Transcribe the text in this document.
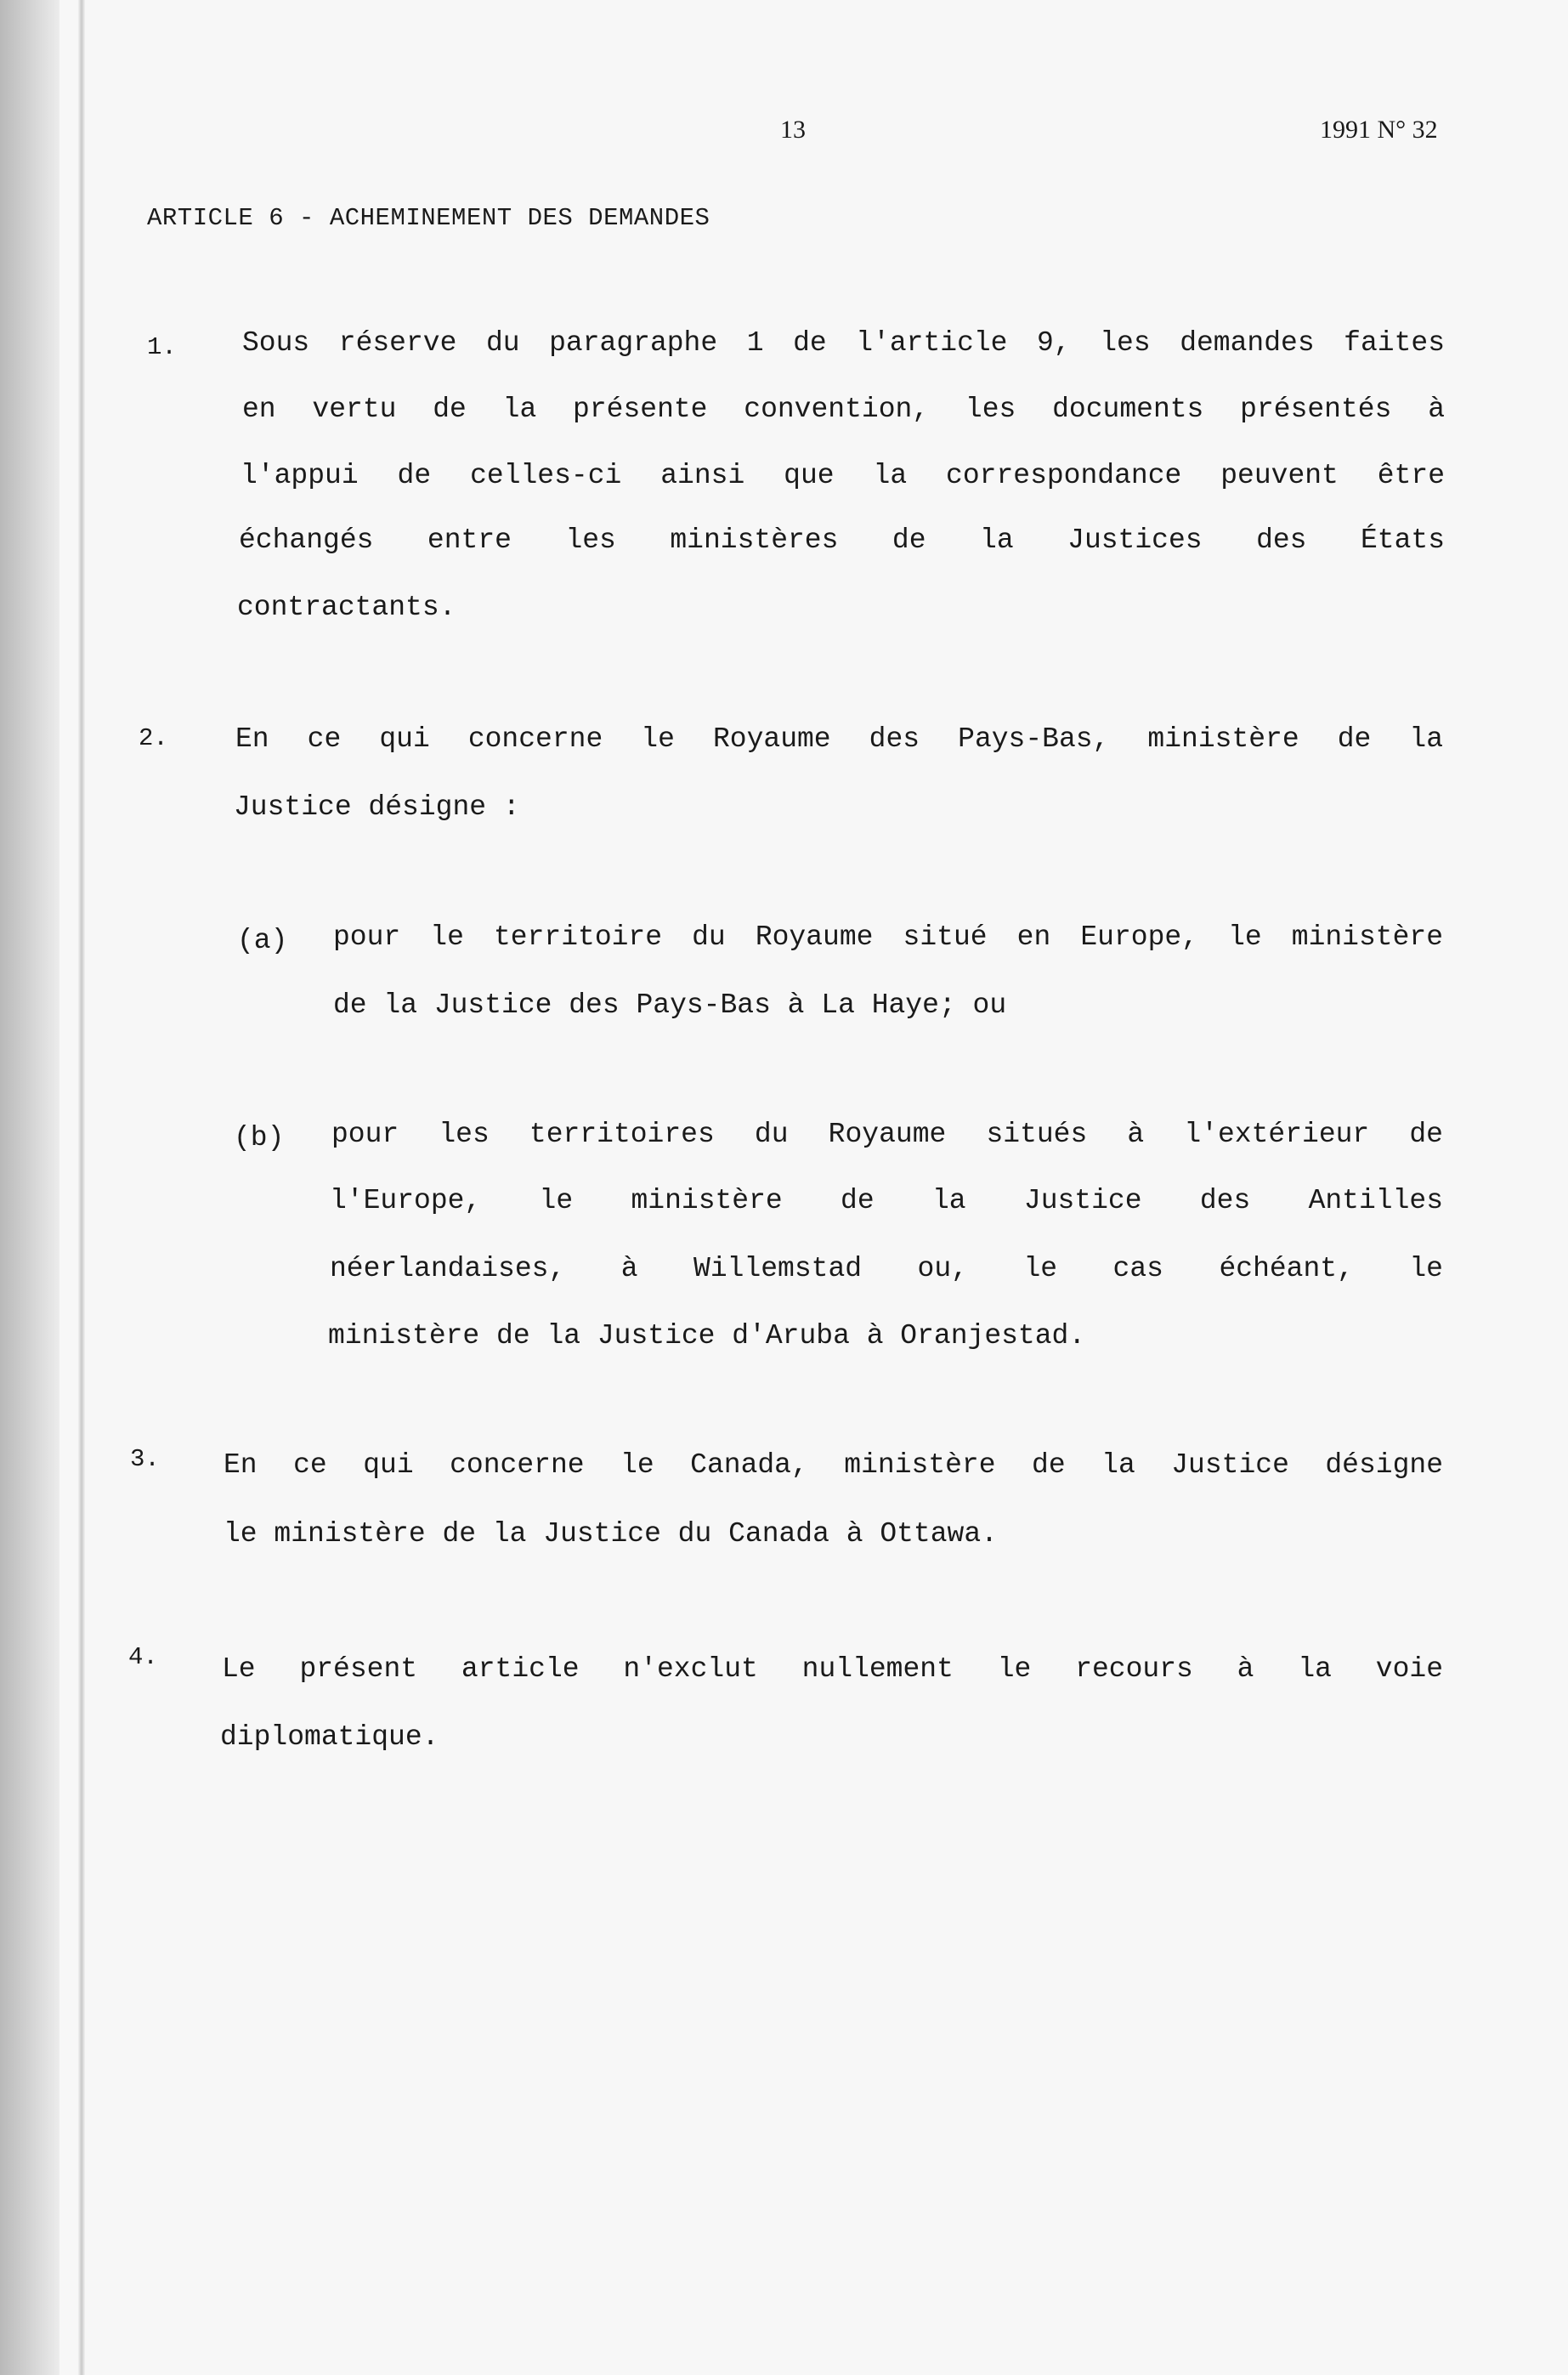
13	1991 N° 32
ARTICLE 6 - ACHEMINEMENT DES DEMANDES
1. Sous réserve du paragraphe 1 de l'article 9, les demandes faites
en vertu de la présente convention, les documents présentés à
l'appui de celles-ci ainsi que la correspondance peuvent être
échangés entre les ministères de la Justices des États
contractants.
2. En ce qui concerne le Royaume des Pays-Bas, ministère de la
Justice désigne :
(a)	pour le territoire du Royaume situé en Europe, le ministère
de la Justice des Pays-Bas à La Haye; ou
(b)	pour les territoires du Royaume situés à l'extérieur de
l'Europe, le ministère de la Justice des Antilles
néerlandaises, à Willemstad ou, le cas échéant, le
ministère de la Justice d'Aruba à Oranjestad.
3. En ce qui concerne le Canada, ministère de la Justice désigne
le ministère de la Justice du Canada à Ottawa.
4. Le présent article n'exclut nullement le recours à la voie
diplomatique.
